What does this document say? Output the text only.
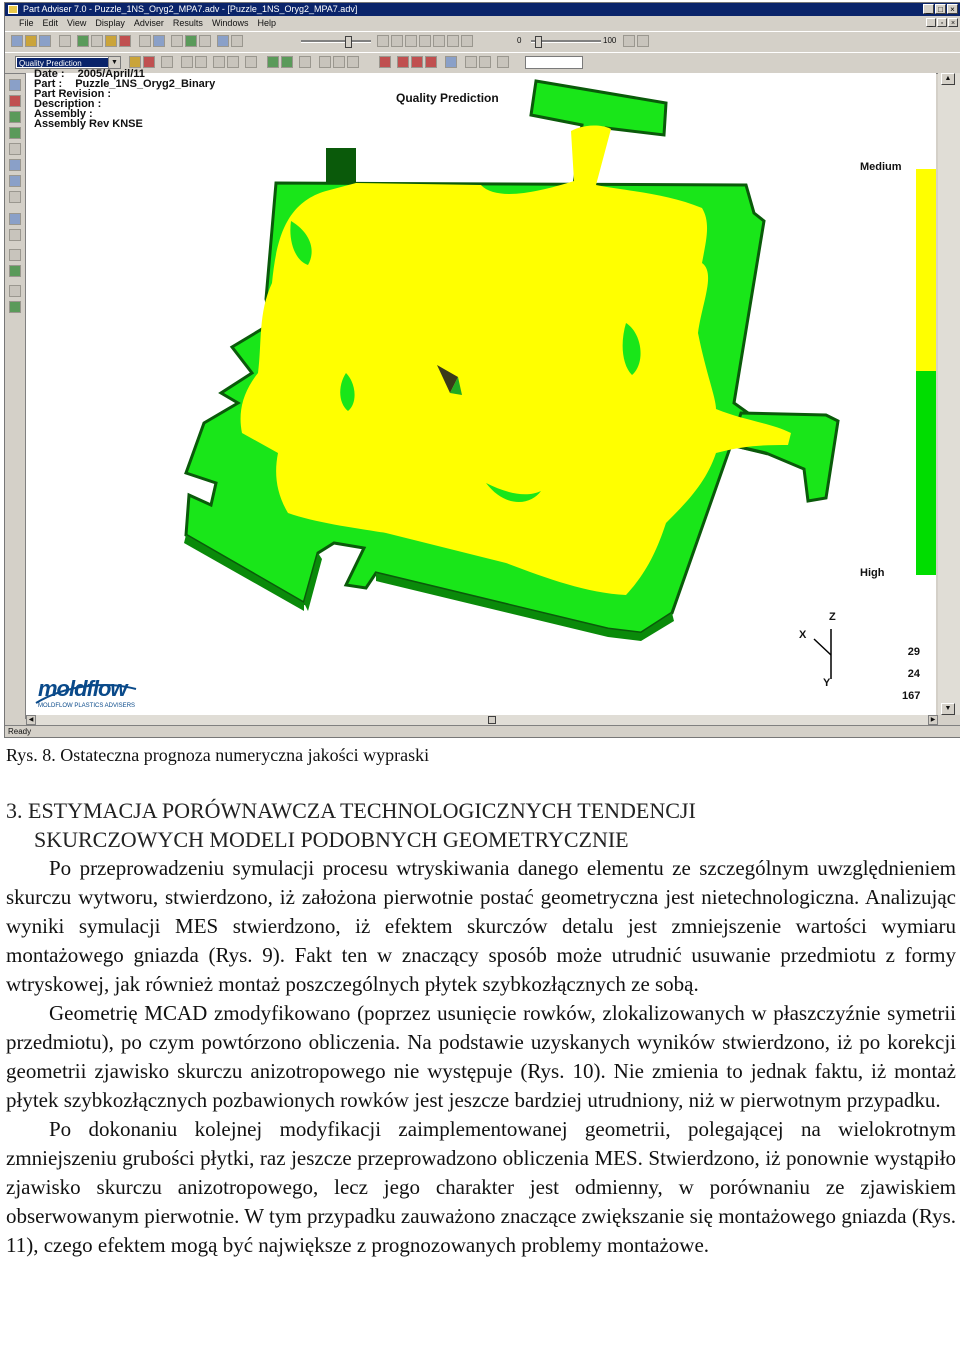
Part Adviser 7.0 - Puzzle_1NS_Oryg2_MPA7.adv - [Puzzle_1NS_Oryg2_MPA7.adv]	_ □ ×
File Edit View Display Adviser Results Windows Help	_	▫	×
0	100
Quality Prediction	▼
Date : 2005/April/11
Part : Puzzle_1NS_Oryg2_Binary
Part Revision :
Description :
Assembly :
Assembly Rev KNSE
Quality Prediction
Medium
High
Z
X
Y
29
24
167
moldflow
MOLDFLOW PLASTICS ADVISERS
▲
▼
◀	▶
Ready
Rys. 8. Ostateczna prognoza numeryczna jakości wypraski
3. ESTYMACJA PORÓWNAWCZA TECHNOLOGICZNYCH TENDENCJI
SKURCZOWYCH MODELI PODOBNYCH GEOMETRYCZNIE

Po przeprowadzeniu symulacji procesu wtryskiwania danego elementu ze szczególnym uwzględnieniem skurczu wytworu, stwierdzono, iż założona pierwotnie postać geometryczna jest nietechnologiczna. Analizując wyniki symulacji MES stwierdzono, iż efektem skurczów detalu jest zmniejszenie wartości wymiaru montażowego gniazda (Rys. 9). Fakt ten w znaczący sposób może utrudnić usuwanie przedmiotu z formy wtryskowej, jak również montaż poszczególnych płytek szybkozłącznych ze sobą.

Geometrię MCAD zmodyfikowano (poprzez usunięcie rowków, zlokalizowanych w płaszczyźnie symetrii przedmiotu), po czym powtórzono obliczenia. Na podstawie uzyskanych wyników stwierdzono, iż po korekcji geometrii zjawisko skurczu anizotropowego nie występuje (Rys. 10). Nie zmienia to jednak faktu, iż montaż płytek szybkozłącznych pozbawionych rowków jest jeszcze bardziej utrudniony, niż w pierwotnym przypadku.

Po dokonaniu kolejnej modyfikacji zaimplementowanej geometrii, polegającej na wielokrotnym zmniejszeniu grubości płytki, raz jeszcze przeprowadzono obliczenia MES. Stwierdzono, iż ponownie wystąpiło zjawisko skurczu anizotropowego, lecz jego charakter jest odmienny, w porównaniu ze zjawiskiem obserwowanym pierwotnie. W tym przypadku zauważono znaczące zwiększanie się montażowego gniazda (Rys. 11), czego efektem mogą być największe z prognozowanych problemy montażowe.
